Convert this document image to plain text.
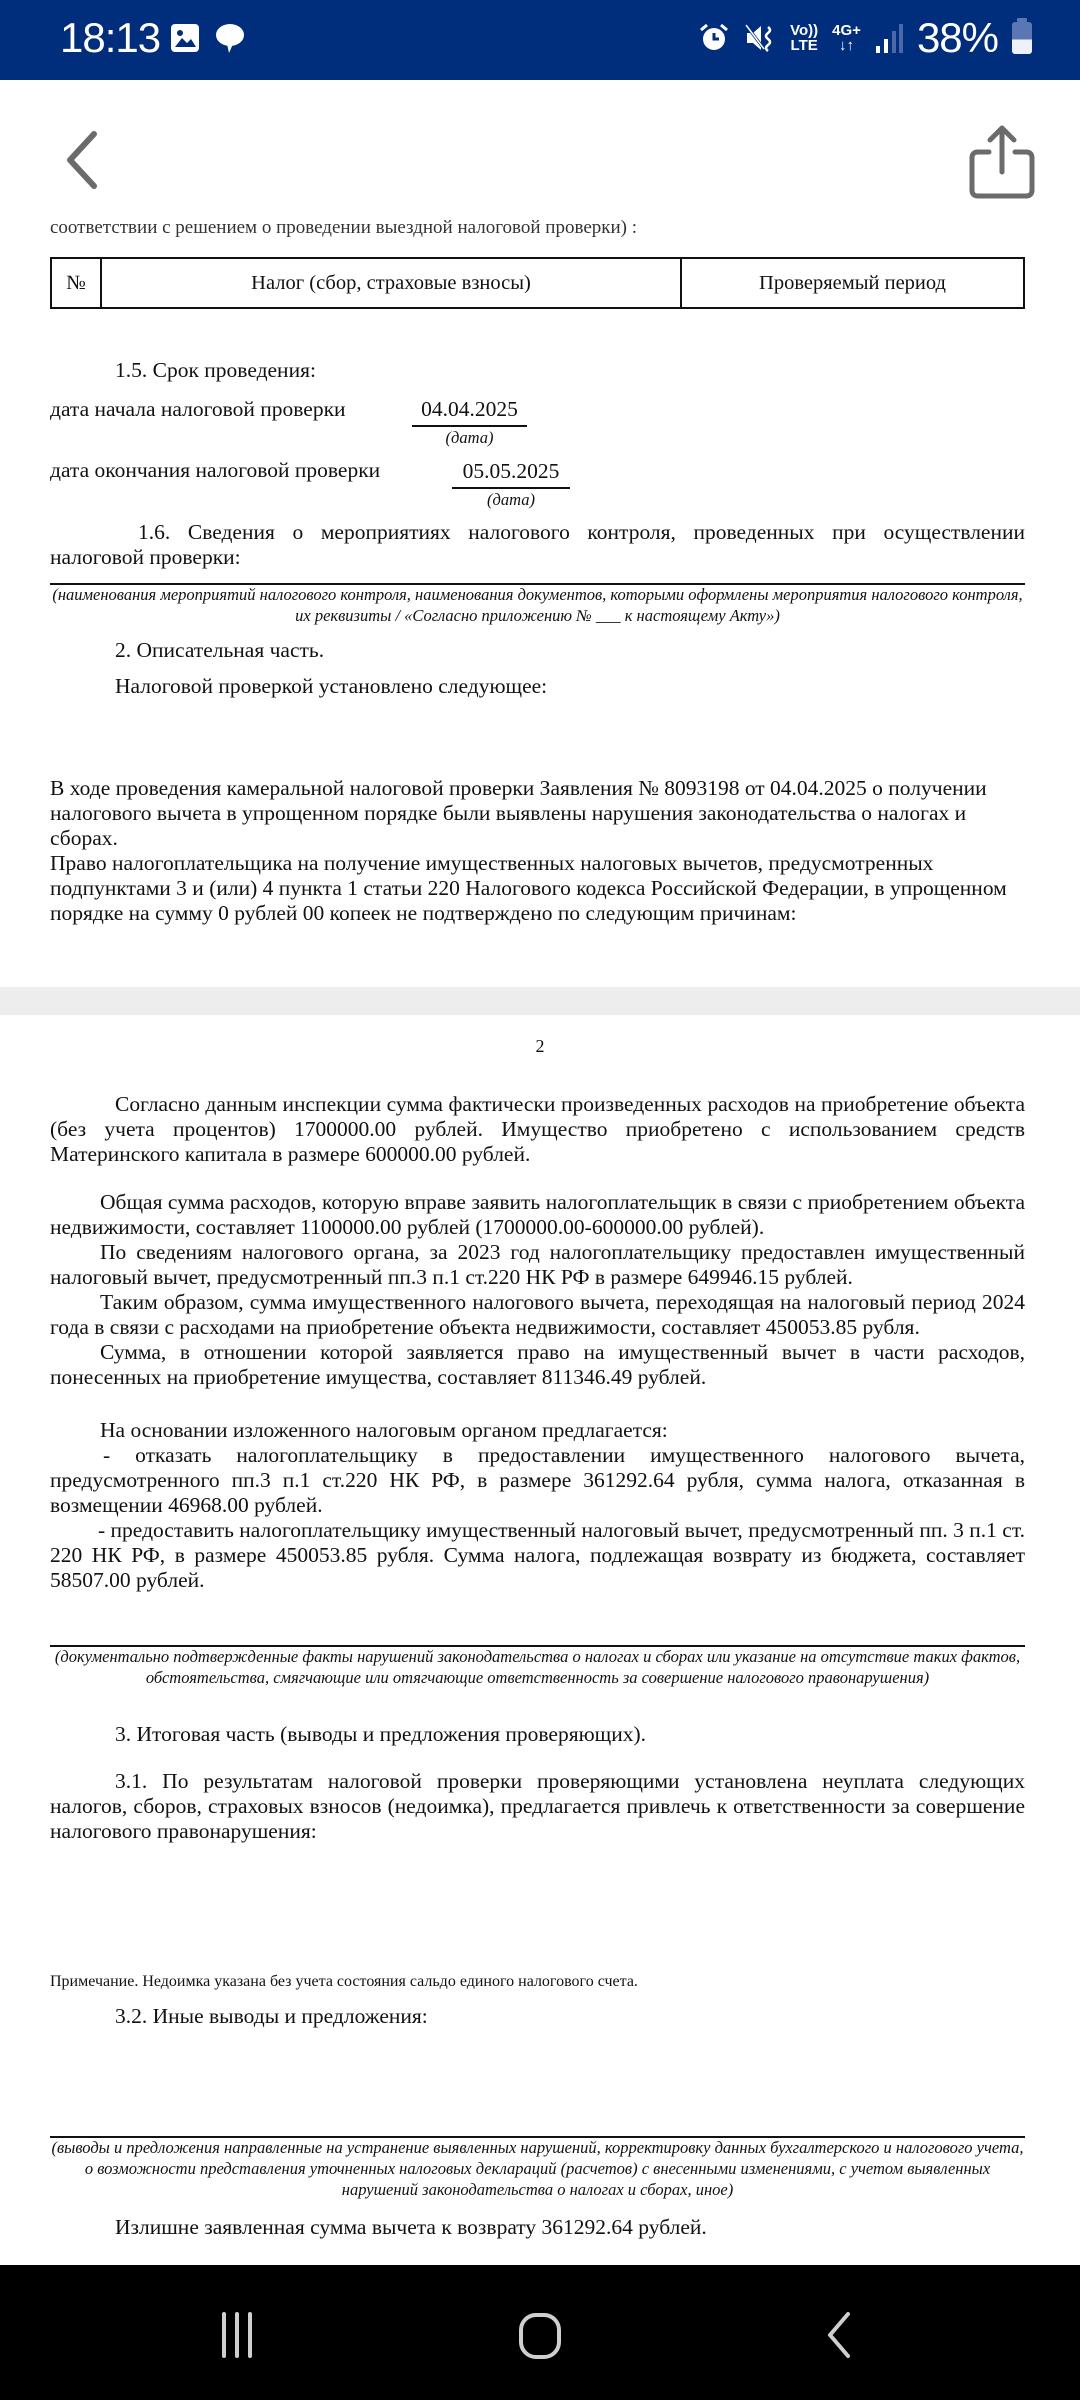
18:13	Vo))
LTE
4G+
↓↑ 38%
соответствии с решением о проведении выездной налоговой проверки) :
№	Налог (сбор, страховые взносы)	Проверяемый период
1.5. Срок проведения:
дата начала налоговой проверки	04.04.2025
(дата)
дата окончания налоговой проверки	05.05.2025
(дата)
1.6. Сведения о мероприятиях налогового контроля, проведенных при осуществлении налоговой проверки:
(наименования мероприятий налогового контроля, наименования документов, которыми оформлены мероприятия налогового контроля, их реквизиты / «Согласно приложению № ___ к настоящему Акту»)
2. Описательная часть.
Налоговой проверкой установлено следующее:
В ходе проведения камеральной налоговой проверки Заявления № 8093198 от 04.04.2025 о получении налогового вычета в упрощенном порядке были выявлены нарушения законодательства о налогах и сборах.
Право налогоплательщика на получение имущественных налоговых вычетов, предусмотренных подпунктами 3 и (или) 4 пункта 1 статьи 220 Налогового кодекса Российской Федерации, в упрощенном порядке на сумму 0 рублей 00 копеек не подтверждено по следующим причинам:
2
Согласно данным инспекции сумма фактически произведенных расходов на приобретение объекта (без учета процентов) 1700000.00 рублей. Имущество приобретено с использованием средств Материнского капитала в размере 600000.00 рублей.
Общая сумма расходов, которую вправе заявить налогоплательщик в связи с приобретением объекта недвижимости, составляет 1100000.00 рублей (1700000.00-600000.00 рублей).
По сведениям налогового органа, за 2023 год налогоплательщику предоставлен имущественный налоговый вычет, предусмотренный пп.3 п.1 ст.220 НК РФ в размере 649946.15 рублей.
Таким образом, сумма имущественного налогового вычета, переходящая на налоговый период 2024 года в связи с расходами на приобретение объекта недвижимости, составляет 450053.85 рубля.
Сумма, в отношении которой заявляется право на имущественный вычет в части расходов, понесенных на приобретение имущества, составляет 811346.49 рублей.
На основании изложенного налоговым органом предлагается:
- отказать налогоплательщику в предоставлении имущественного налогового вычета, предусмотренного пп.3 п.1 ст.220 НК РФ, в размере 361292.64 рубля, сумма налога, отказанная в возмещении 46968.00 рублей.
- предоставить налогоплательщику имущественный налоговый вычет, предусмотренный пп. 3 п.1 ст. 220 НК РФ, в размере 450053.85 рубля. Сумма налога, подлежащая возврату из бюджета, составляет 58507.00 рублей.
(документально подтвержденные факты нарушений законодательства о налогах и сборах или указание на отсутствие таких фактов, обстоятельства, смягчающие или отягчающие ответственность за совершение налогового правонарушения)
3. Итоговая часть (выводы и предложения проверяющих).
3.1. По результатам налоговой проверки проверяющими установлена неуплата следующих налогов, сборов, страховых взносов (недоимка), предлагается привлечь к ответственности за совершение налогового правонарушения:
Примечание. Недоимка указана без учета состояния сальдо единого налогового счета.
3.2. Иные выводы и предложения:
(выводы и предложения направленные на устранение выявленных нарушений, корректировку данных бухгалтерского и налогового учета, о возможности представления уточненных налоговых деклараций (расчетов) с внесенными изменениями, с учетом выявленных нарушений законодательства о налогах и сборах, иное)
Излишне заявленная сумма вычета к возврату 361292.64 рублей.
